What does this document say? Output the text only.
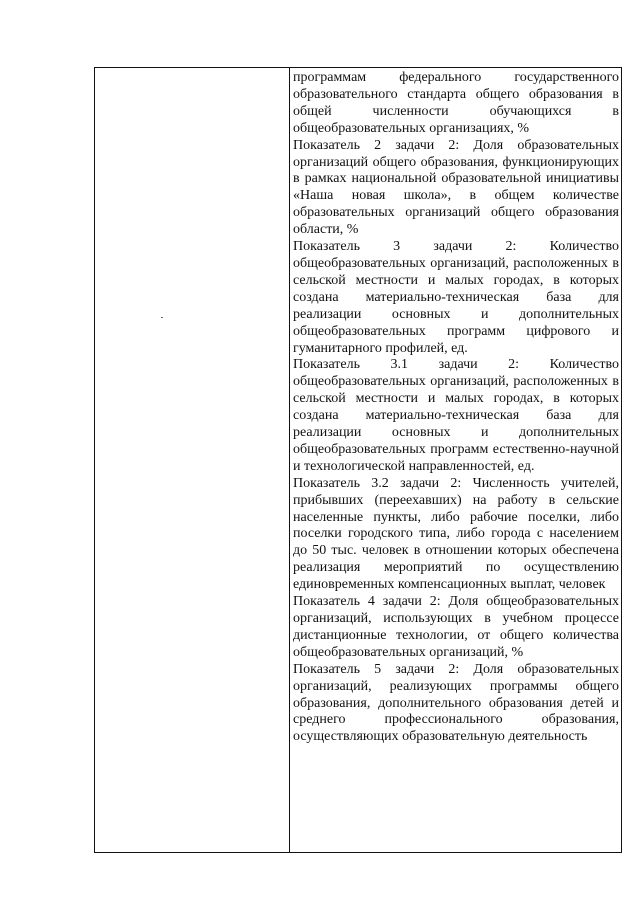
программам федерального государственного образовательного стандарта общего образования в общей численности обучающихся в общеобразовательных организациях, %

Показатель 2 задачи 2: Доля образовательных организаций общего образования, функционирующих в рамках национальной образовательной инициативы «Наша новая школа», в общем количестве образовательных организаций общего образования области, %

Показатель 3 задачи 2: Количество общеобразовательных организаций, расположенных в сельской местности и малых городах, в которых создана материально-техническая база для реализации основных и дополнительных общеобразовательных программ цифрового и гуманитарного профилей, ед.

Показатель 3.1 задачи 2: Количество общеобразовательных организаций, расположенных в сельской местности и малых городах, в которых создана материально-техническая база для реализации основных и дополнительных общеобразовательных программ естественно-научной и технологической направленностей, ед.

Показатель 3.2 задачи 2: Численность учителей, прибывших (переехавших) на работу в сельские населенные пункты, либо рабочие поселки, либо поселки городского типа, либо города с населением до 50 тыс. человек в отношении которых обеспечена реализация мероприятий по осуществлению единовременных компенсационных выплат, человек

Показатель 4 задачи 2: Доля общеобразовательных организаций, использующих в учебном процессе дистанционные технологии, от общего количества общеобразовательных организаций, %

Показатель 5 задачи 2: Доля образовательных организаций, реализующих программы общего образования, дополнительного образования детей и среднего профессионального образования, осуществляющих образовательную деятельность
